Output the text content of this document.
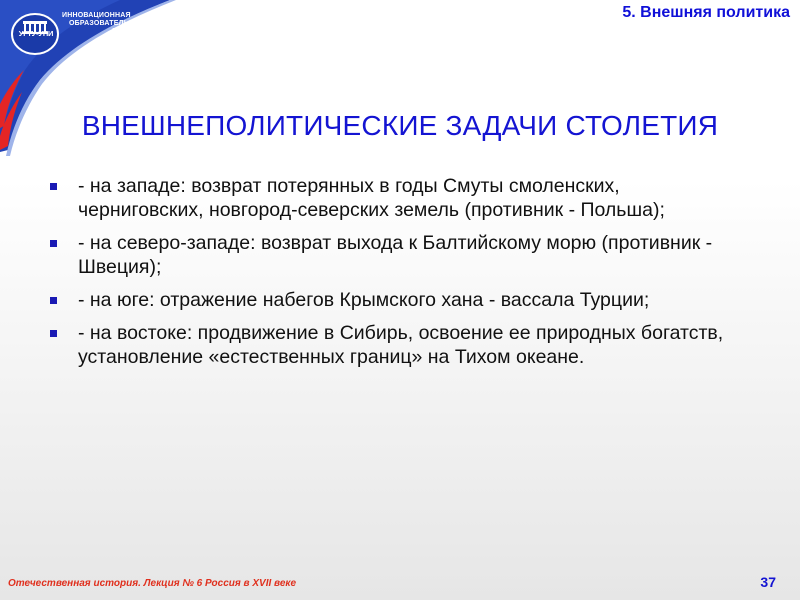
УГТУ-УПИ
ИННОВАЦИОННАЯ
ОБРАЗОВАТЕЛЬНАЯ
ПРОГРАММА
5. Внешняя политика
ВНЕШНЕПОЛИТИЧЕСКИЕ ЗАДАЧИ СТОЛЕТИЯ
- на западе: возврат потерянных в годы Смуты смоленских, черниговских, новгород-северских земель (противник - Польша);
- на северо-западе: возврат выхода к Балтийскому морю (противник - Швеция);
- на юге: отражение набегов Крымского хана - вассала Турции;
- на востоке: продвижение в Сибирь, освоение ее природных богатств, установление «естественных границ» на Тихом океане.
Отечественная история. Лекция № 6 Россия в XVII веке	37
